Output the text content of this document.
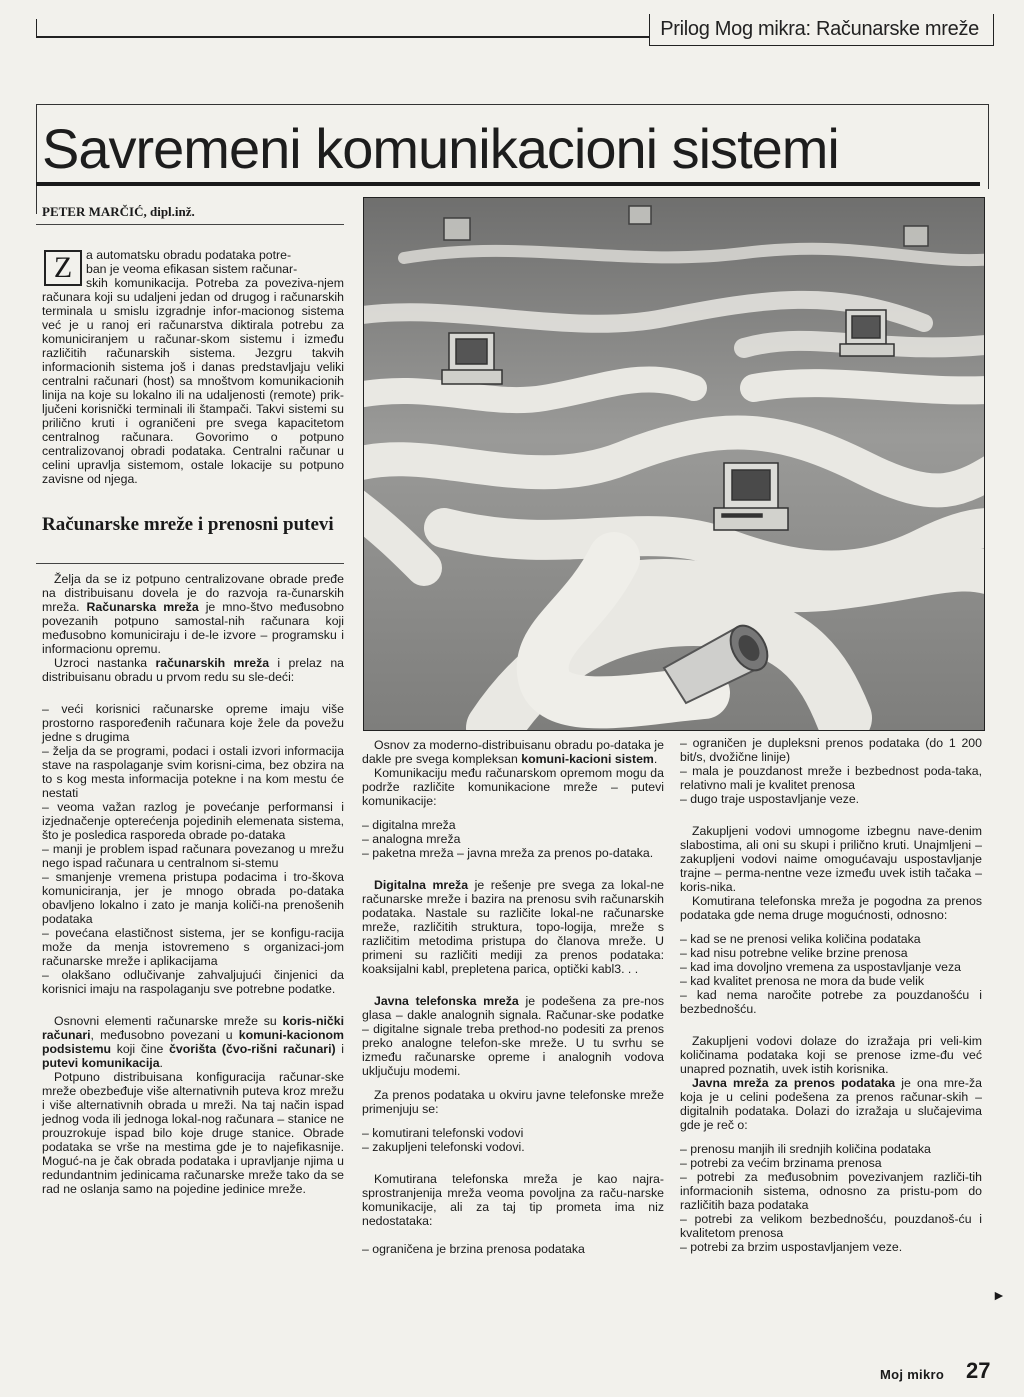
Prilog Mog mikra: Računarske mreže
Savremeni komunikacioni sistemi
PETER MARČIĆ, dipl.inž.
Z	a automatsku obradu podataka potre-
ban je veoma efikasan sistem računar-
skih komunikacija. Potreba za poveziva-njem računara koji su udaljeni jedan od drugog i računarskih terminala u smislu izgradnje infor-macionog sistema već je u ranoj eri računarstva diktirala potrebu za komuniciranjem u računar-skom sistemu i između različitih računarskih sistema. Jezgru takvih informacionih sistema još i danas predstavljaju veliki centralni računari (host) sa mnoštvom komunikacionih linija na koje su lokalno ili na udaljenosti (remote) prik-ljučeni korisnički terminali ili štampači. Takvi sistemi su prilično kruti i ograničeni pre svega kapacitetom centralnog računara. Govorimo o potpuno centralizovanoj obradi podataka. Centralni računar u celini upravlja sistemom, ostale lokacije su potpuno zavisne od njega.
Računarske mreže i prenosni putevi

Želja da se iz potpuno centralizovane obrade pređe na distribuisanu dovela je do razvoja ra-čunarskih mreža. Računarska mreža je mno-štvo međusobno povezanih potpuno samostal-nih računara koji međusobno komuniciraju i de-le izvore – programsku i informacionu opremu.

Uzroci nastanka računarskih mreža i prelaz na distribuisanu obradu u prvom redu su sle-deći:

– veći korisnici računarske opreme imaju više prostorno raspoređenih računara koje žele da povežu jedne s drugima

– želja da se programi, podaci i ostali izvori informacija stave na raspolaganje svim korisni-cima, bez obzira na to s kog mesta informacija potekne i na kom mestu će nestati

– veoma važan razlog je povećanje performansi i izjednačenje opterećenja pojedinih elemenata sistema, što je posledica rasporeda obrade po-dataka

– manji je problem ispad računara povezanog u mrežu nego ispad računara u centralnom si-stemu

– smanjenje vremena pristupa podacima i tro-škova komuniciranja, jer je mnogo obrada po-dataka obavljeno lokalno i zato je manja količi-na prenošenih podataka

– povećana elastičnost sistema, jer se konfigu-racija može da menja istovremeno s organizaci-jom računarske mreže i aplikacijama

– olakšano odlučivanje zahvaljujući činjenici da korisnici imaju na raspolaganju sve potrebne podatke.

Osnovni elementi računarske mreže su koris-nički računari, međusobno povezani u komuni-kacionom podsistemu koji čine čvorišta (čvo-rišni računari) i putevi komunikacija.

Potpuno distribuisana konfiguracija računar-ske mreže obezbeđuje više alternativnih puteva kroz mrežu i više alternativnih obrada u mreži. Na taj način ispad jednog voda ili jednoga lokal-nog računara – stanice ne prouzrokuje ispad bilo koje druge stanice. Obrade podataka se vrše na mestima gde je to najefikasnije. Moguć-na je čak obrada podataka i upravljanje njima u redundantnim jedinicama računarske mreže tako da se rad ne oslanja samo na pojedine jedinice mreže.

Osnov za moderno-distribuisanu obradu po-dataka je dakle pre svega kompleksan komuni-kacioni sistem.

Komunikaciju među računarskom opremom mogu da podrže različite komunikacione mreže – putevi komunikacije:

– digitalna mreža

– analogna mreža

– paketna mreža – javna mreža za prenos po-dataka.

Digitalna mreža je rešenje pre svega za lokal-ne računarske mreže i bazira na prenosu svih računarskih podataka. Nastale su različite lokal-ne računarske mreže, različitih struktura, topo-logija, mreže s različitim metodima pristupa do članova mreže. U primeni su različiti mediji za prenos podataka: koaksijalni kabl, prepletena parica, optički kabl3. . .

Javna telefonska mreža je podešena za pre-nos glasa – dakle analognih signala. Računar-ske podatke – digitalne signale treba prethod-no podesiti za prenos preko analogne telefon-ske mreže. U tu svrhu se između računarske opreme i analognih vodova uključuju modemi.

Za prenos podataka u okviru javne telefonske mreže primenjuju se:

– komutirani telefonski vodovi

– zakupljeni telefonski vodovi.

Komutirana telefonska mreža je kao najra-sprostranjenija mreža veoma povoljna za raču-narske komunikacije, ali za taj tip prometa ima niz nedostataka:

– ograničena je brzina prenosa podataka

– ograničen je dupleksni prenos podataka (do 1 200 bit/s, dvožične linije)

– mala je pouzdanost mreže i bezbednost poda-taka, relativno mali je kvalitet prenosa

– dugo traje uspostavljanje veze.

Zakupljeni vodovi umnogome izbegnu nave-denim slabostima, ali oni su skupi i prilično kruti. Unajmljeni – zakupljeni vodovi naime omogućavaju uspostavljanje trajne – perma-nentne veze između uvek istih tačaka – koris-nika.

Komutirana telefonska mreža je pogodna za prenos podataka gde nema druge mogućnosti, odnosno:

– kad se ne prenosi velika količina podataka

– kad nisu potrebne velike brzine prenosa

– kad ima dovoljno vremena za uspostavljanje veza

– kad kvalitet prenosa ne mora da bude velik

– kad nema naročite potrebe za pouzdanošću i bezbednošću.

Zakupljeni vodovi dolaze do izražaja pri veli-kim količinama podataka koji se prenose izme-đu već unapred poznatih, uvek istih korisnika.

Javna mreža za prenos podataka je ona mre-ža koja je u celini podešena za prenos računar-skih – digitalnih podataka. Dolazi do izražaja u slučajevima gde je reč o:

– prenosu manjih ili srednjih količina podataka

– potrebi za većim brzinama prenosa

– potrebi za međusobnim povezivanjem različi-tih informacionih sistema, odnosno za pristu-pom do različitih baza podataka

– potrebi za velikom bezbednošću, pouzdanoš-ću i kvalitetom prenosa

– potrebi za brzim uspostavljanjem veze.

►
Moj mikro 27
